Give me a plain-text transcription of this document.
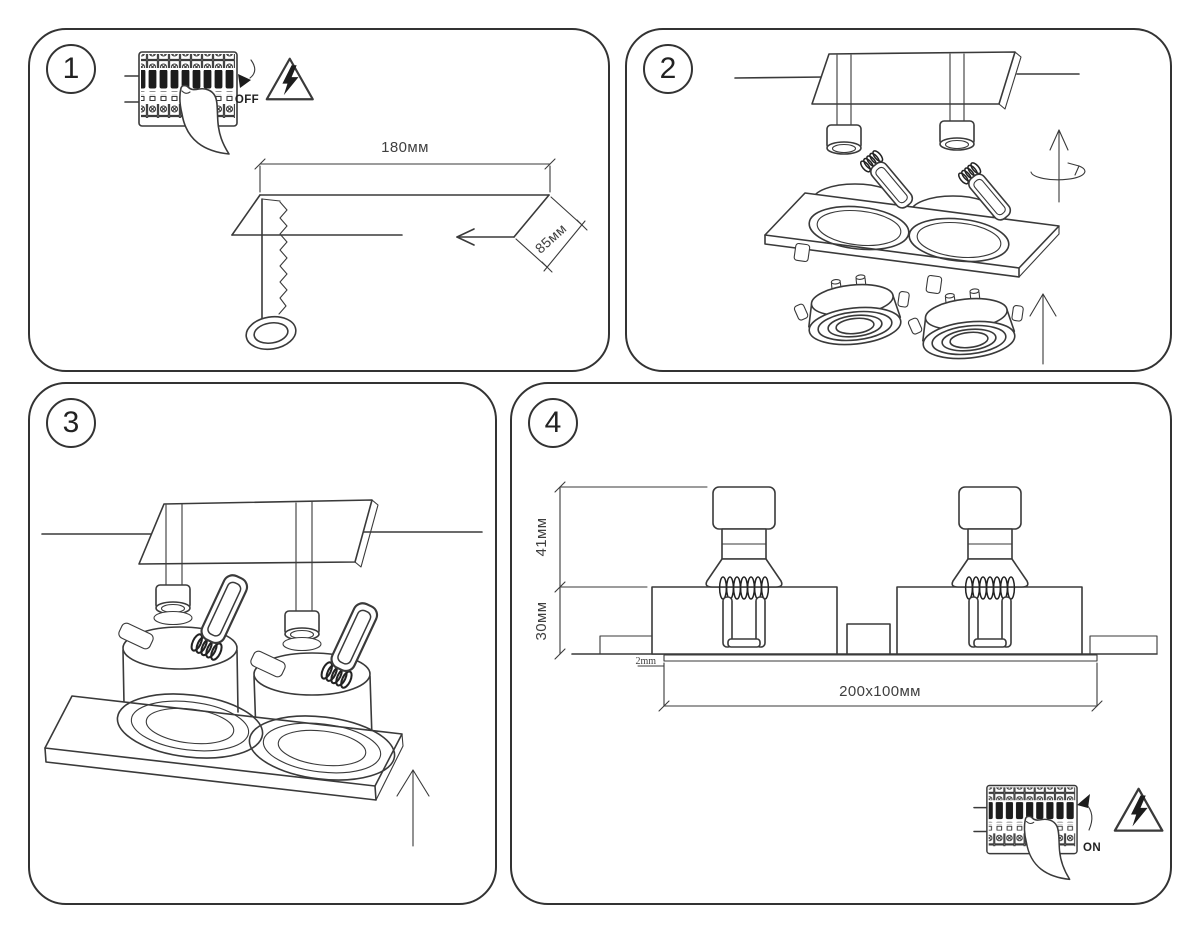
1
OFF
180мм
85мм
2
3	4
41мм
30мм
2mm
200x100мм
ON
